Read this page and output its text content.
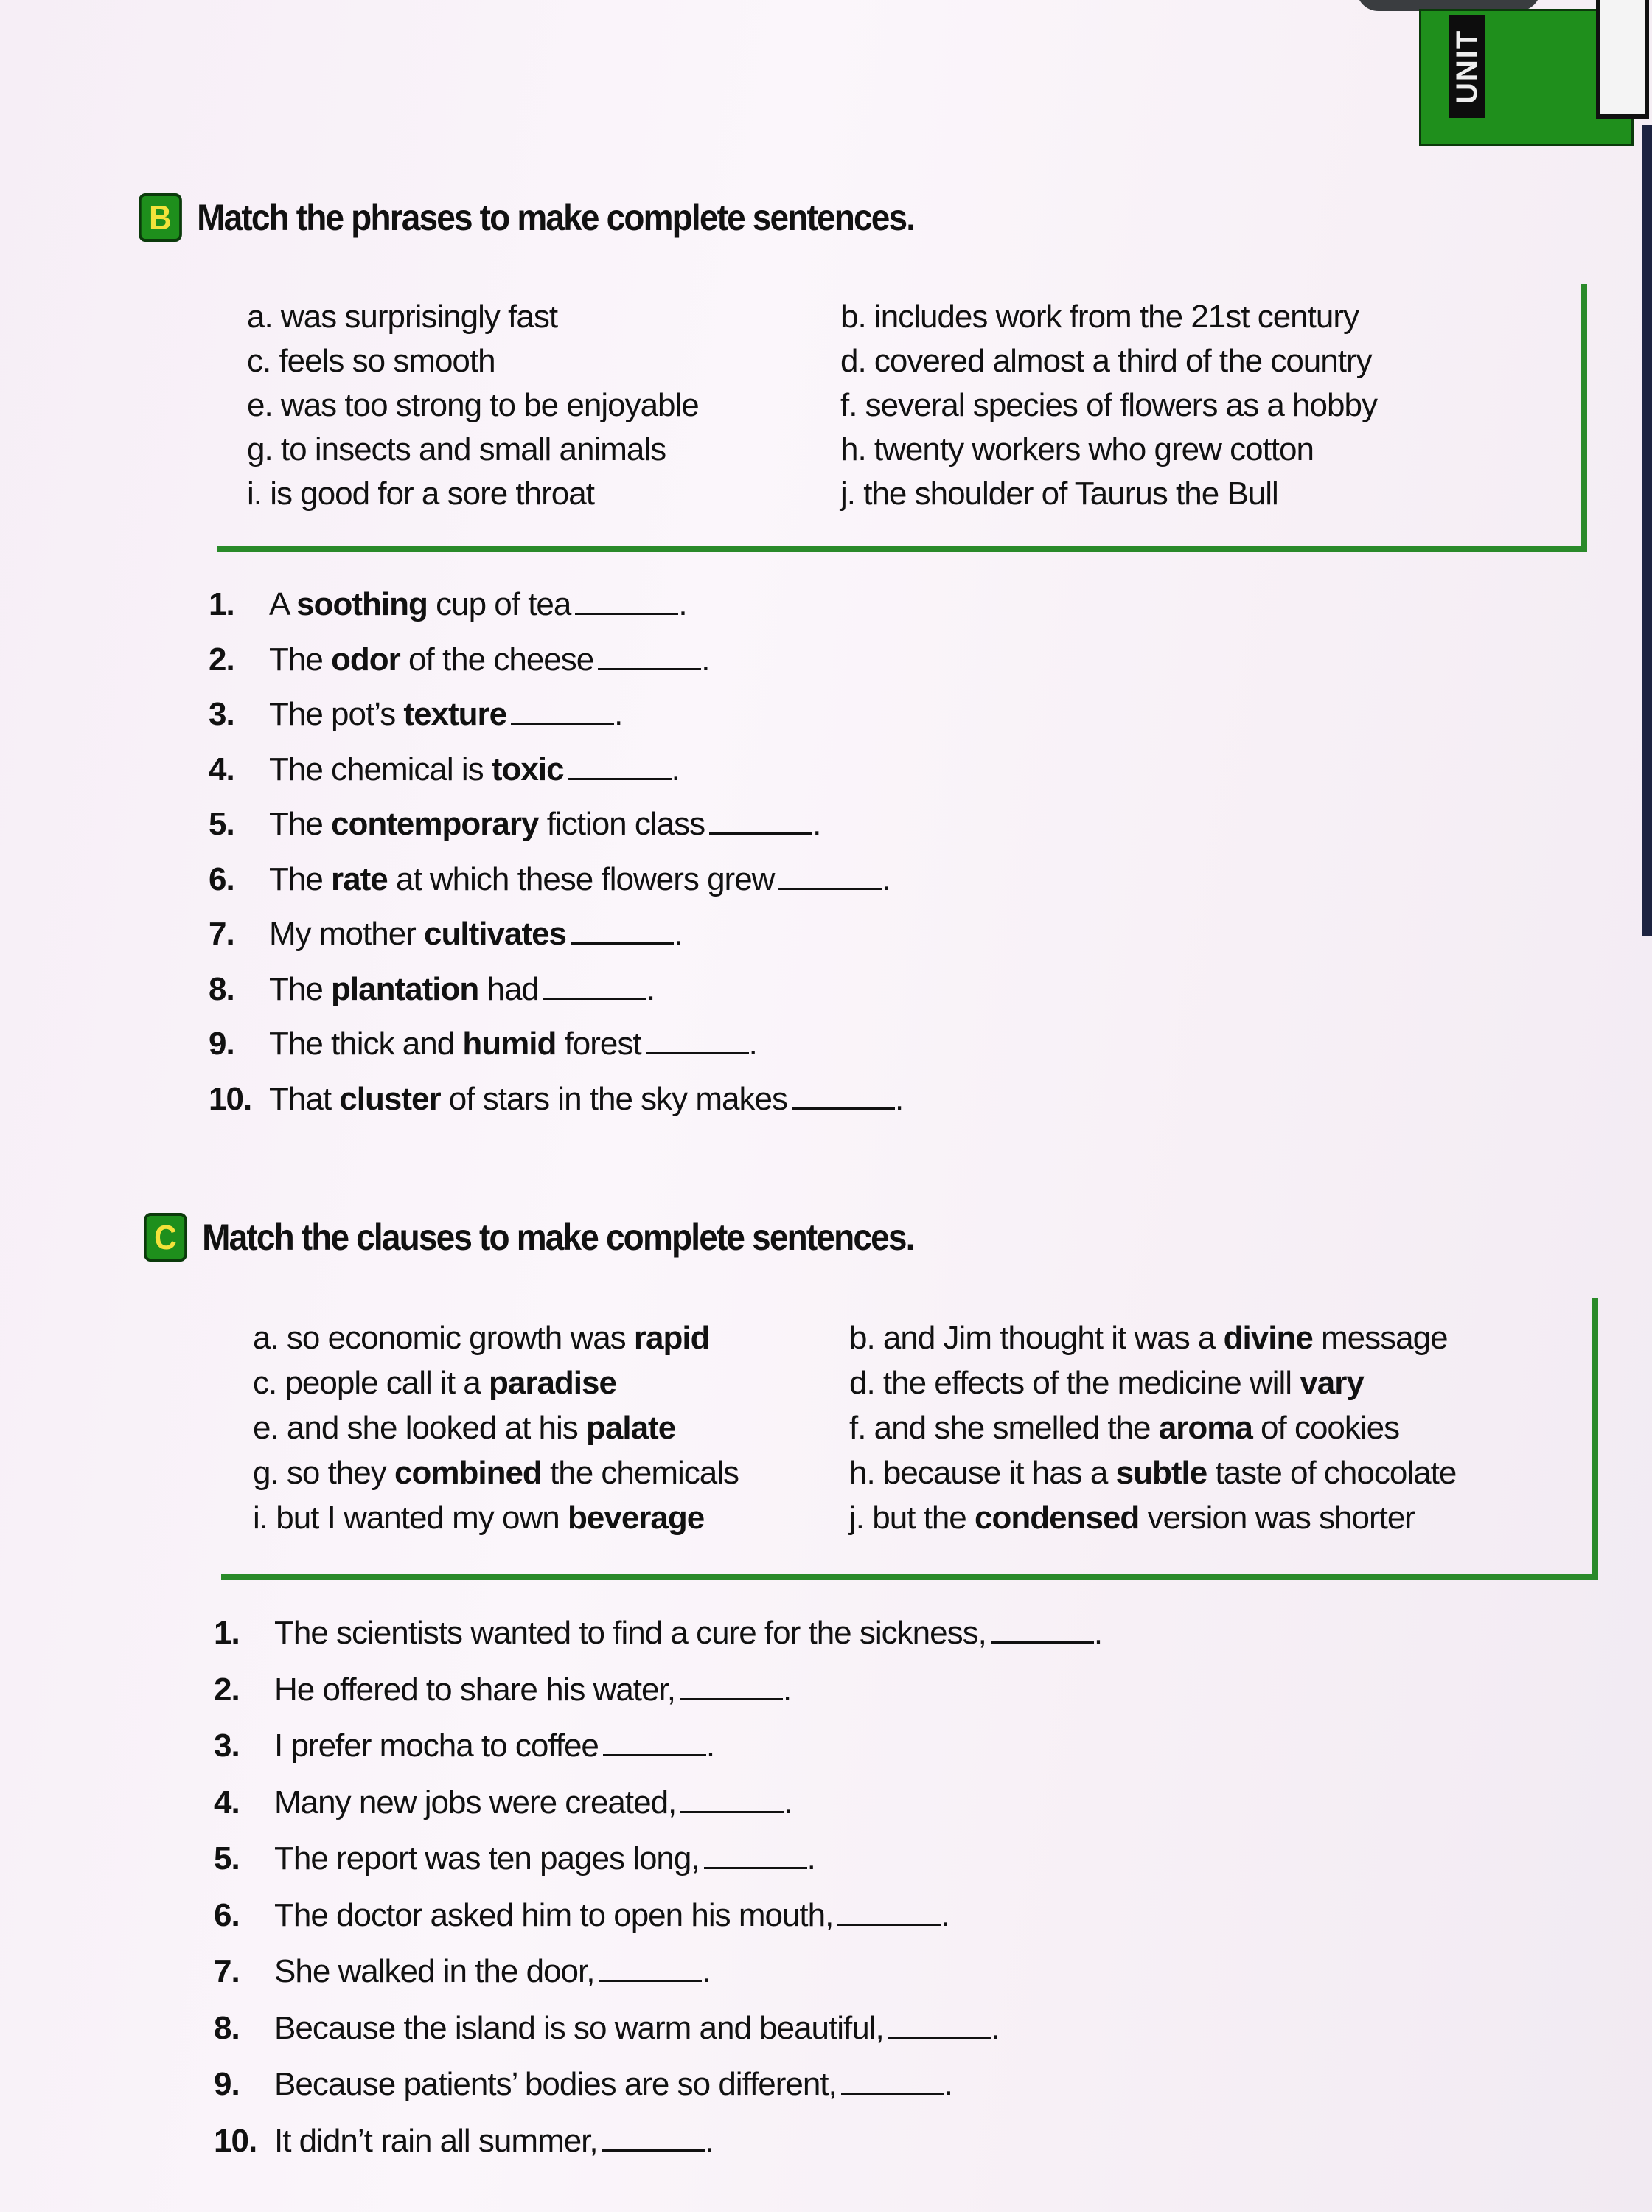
UNIT
B Match the phrases to make complete sentences.
a. was surprisingly fast	b. includes work from the 21st century
c. feels so smooth	d. covered almost a third of the country
e. was too strong to be enjoyable	f. several species of flowers as a hobby
g. to insects and small animals	h. twenty workers who grew cotton
i. is good for a sore throat	j. the shoulder of Taurus the Bull
1. A soothing cup of tea	.
2. The odor of the cheese	.
3. The pot’s texture	.
4. The chemical is toxic	.
5. The contemporary fiction class	.
6. The rate at which these flowers grew	.
7. My mother cultivates	.
8. The plantation had	.
9. The thick and humid forest	.
10. That cluster of stars in the sky makes	.
C Match the clauses to make complete sentences.
a. so economic growth was rapid	b. and Jim thought it was a divine message
c. people call it a paradise	d. the effects of the medicine will vary
e. and she looked at his palate	f. and she smelled the aroma of cookies
g. so they combined the chemicals	h. because it has a subtle taste of chocolate
i. but I wanted my own beverage	j. but the condensed version was shorter
1. The scientists wanted to find a cure for the sickness,	.
2. He offered to share his water,	.
3. I prefer mocha to coffee	.
4. Many new jobs were created,	.
5. The report was ten pages long,	.
6. The doctor asked him to open his mouth,	.
7. She walked in the door,	.
8. Because the island is so warm and beautiful,	.
9. Because patients’ bodies are so different,	.
10. It didn’t rain all summer,	.
